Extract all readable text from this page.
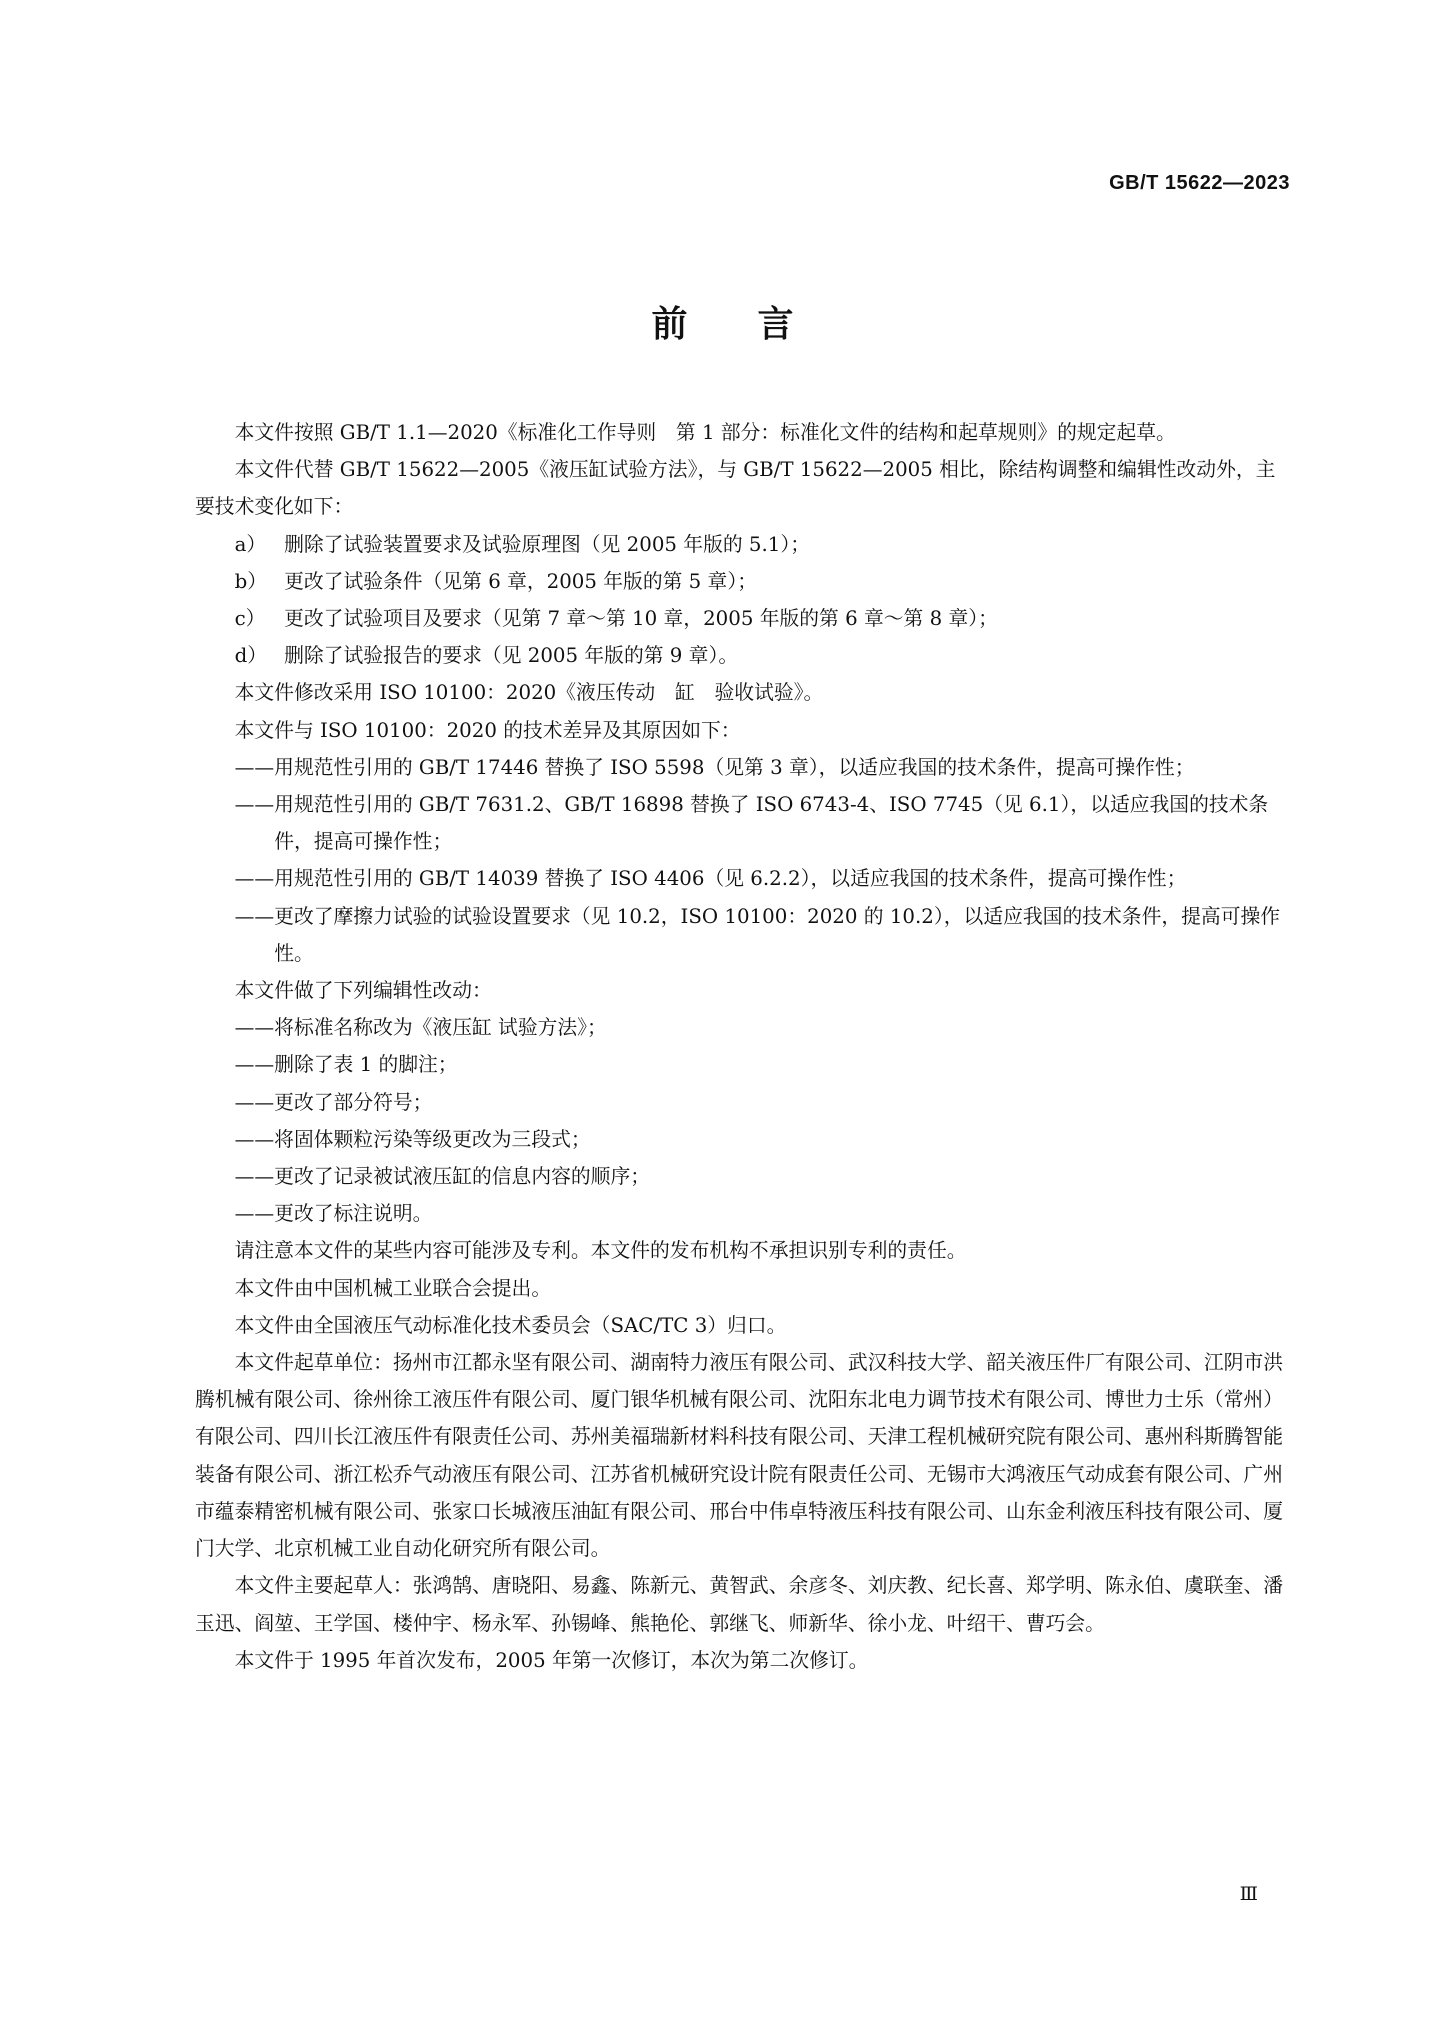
GB/T 15622—2023
前言

本文件按照 GB/T 1.1—2020《标准化工作导则　第 1 部分：标准化文件的结构和起草规则》的规定起草。

本文件代替 GB/T 15622—2005《液压缸试验方法》，与 GB/T 15622—2005 相比，除结构调整和编辑性改动外，主要技术变化如下：

a） 删除了试验装置要求及试验原理图（见 2005 年版的 5.1）；

b） 更改了试验条件（见第 6 章，2005 年版的第 5 章）；

c） 更改了试验项目及要求（见第 7 章～第 10 章，2005 年版的第 6 章～第 8 章）；

d） 删除了试验报告的要求（见 2005 年版的第 9 章）。

本文件修改采用 ISO 10100：2020《液压传动　缸　验收试验》。

本文件与 ISO 10100：2020 的技术差异及其原因如下：

——用规范性引用的 GB/T 17446 替换了 ISO 5598（见第 3 章），以适应我国的技术条件，提高可操作性；

——用规范性引用的 GB/T 7631.2、GB/T 16898 替换了 ISO 6743-4、ISO 7745（见 6.1），以适应我国的技术条件，提高可操作性；

——用规范性引用的 GB/T 14039 替换了 ISO 4406（见 6.2.2），以适应我国的技术条件，提高可操作性；

——更改了摩擦力试验的试验设置要求（见 10.2，ISO 10100：2020 的 10.2），以适应我国的技术条件，提高可操作性。

本文件做了下列编辑性改动：

——将标准名称改为《液压缸 试验方法》；

——删除了表 1 的脚注；

——更改了部分符号；

——将固体颗粒污染等级更改为三段式；

——更改了记录被试液压缸的信息内容的顺序；

——更改了标注说明。

请注意本文件的某些内容可能涉及专利。本文件的发布机构不承担识别专利的责任。

本文件由中国机械工业联合会提出。

本文件由全国液压气动标准化技术委员会（SAC/TC 3）归口。

本文件起草单位：扬州市江都永坚有限公司、湖南特力液压有限公司、武汉科技大学、韶关液压件厂有限公司、江阴市洪腾机械有限公司、徐州徐工液压件有限公司、厦门银华机械有限公司、沈阳东北电力调节技术有限公司、博世力士乐（常州）有限公司、四川长江液压件有限责任公司、苏州美福瑞新材料科技有限公司、天津工程机械研究院有限公司、惠州科斯腾智能装备有限公司、浙江松乔气动液压有限公司、江苏省机械研究设计院有限责任公司、无锡市大鸿液压气动成套有限公司、广州市蕴泰精密机械有限公司、张家口长城液压油缸有限公司、邢台中伟卓特液压科技有限公司、山东金利液压科技有限公司、厦门大学、北京机械工业自动化研究所有限公司。

本文件主要起草人：张鸿鹄、唐晓阳、易鑫、陈新元、黄智武、余彦冬、刘庆教、纪长喜、郑学明、陈永伯、虞联奎、潘玉迅、阎堃、王学国、楼仲宇、杨永军、孙锡峰、熊艳伦、郭继飞、师新华、徐小龙、叶绍干、曹巧会。

本文件于 1995 年首次发布，2005 年第一次修订，本次为第二次修订。

Ⅲ
